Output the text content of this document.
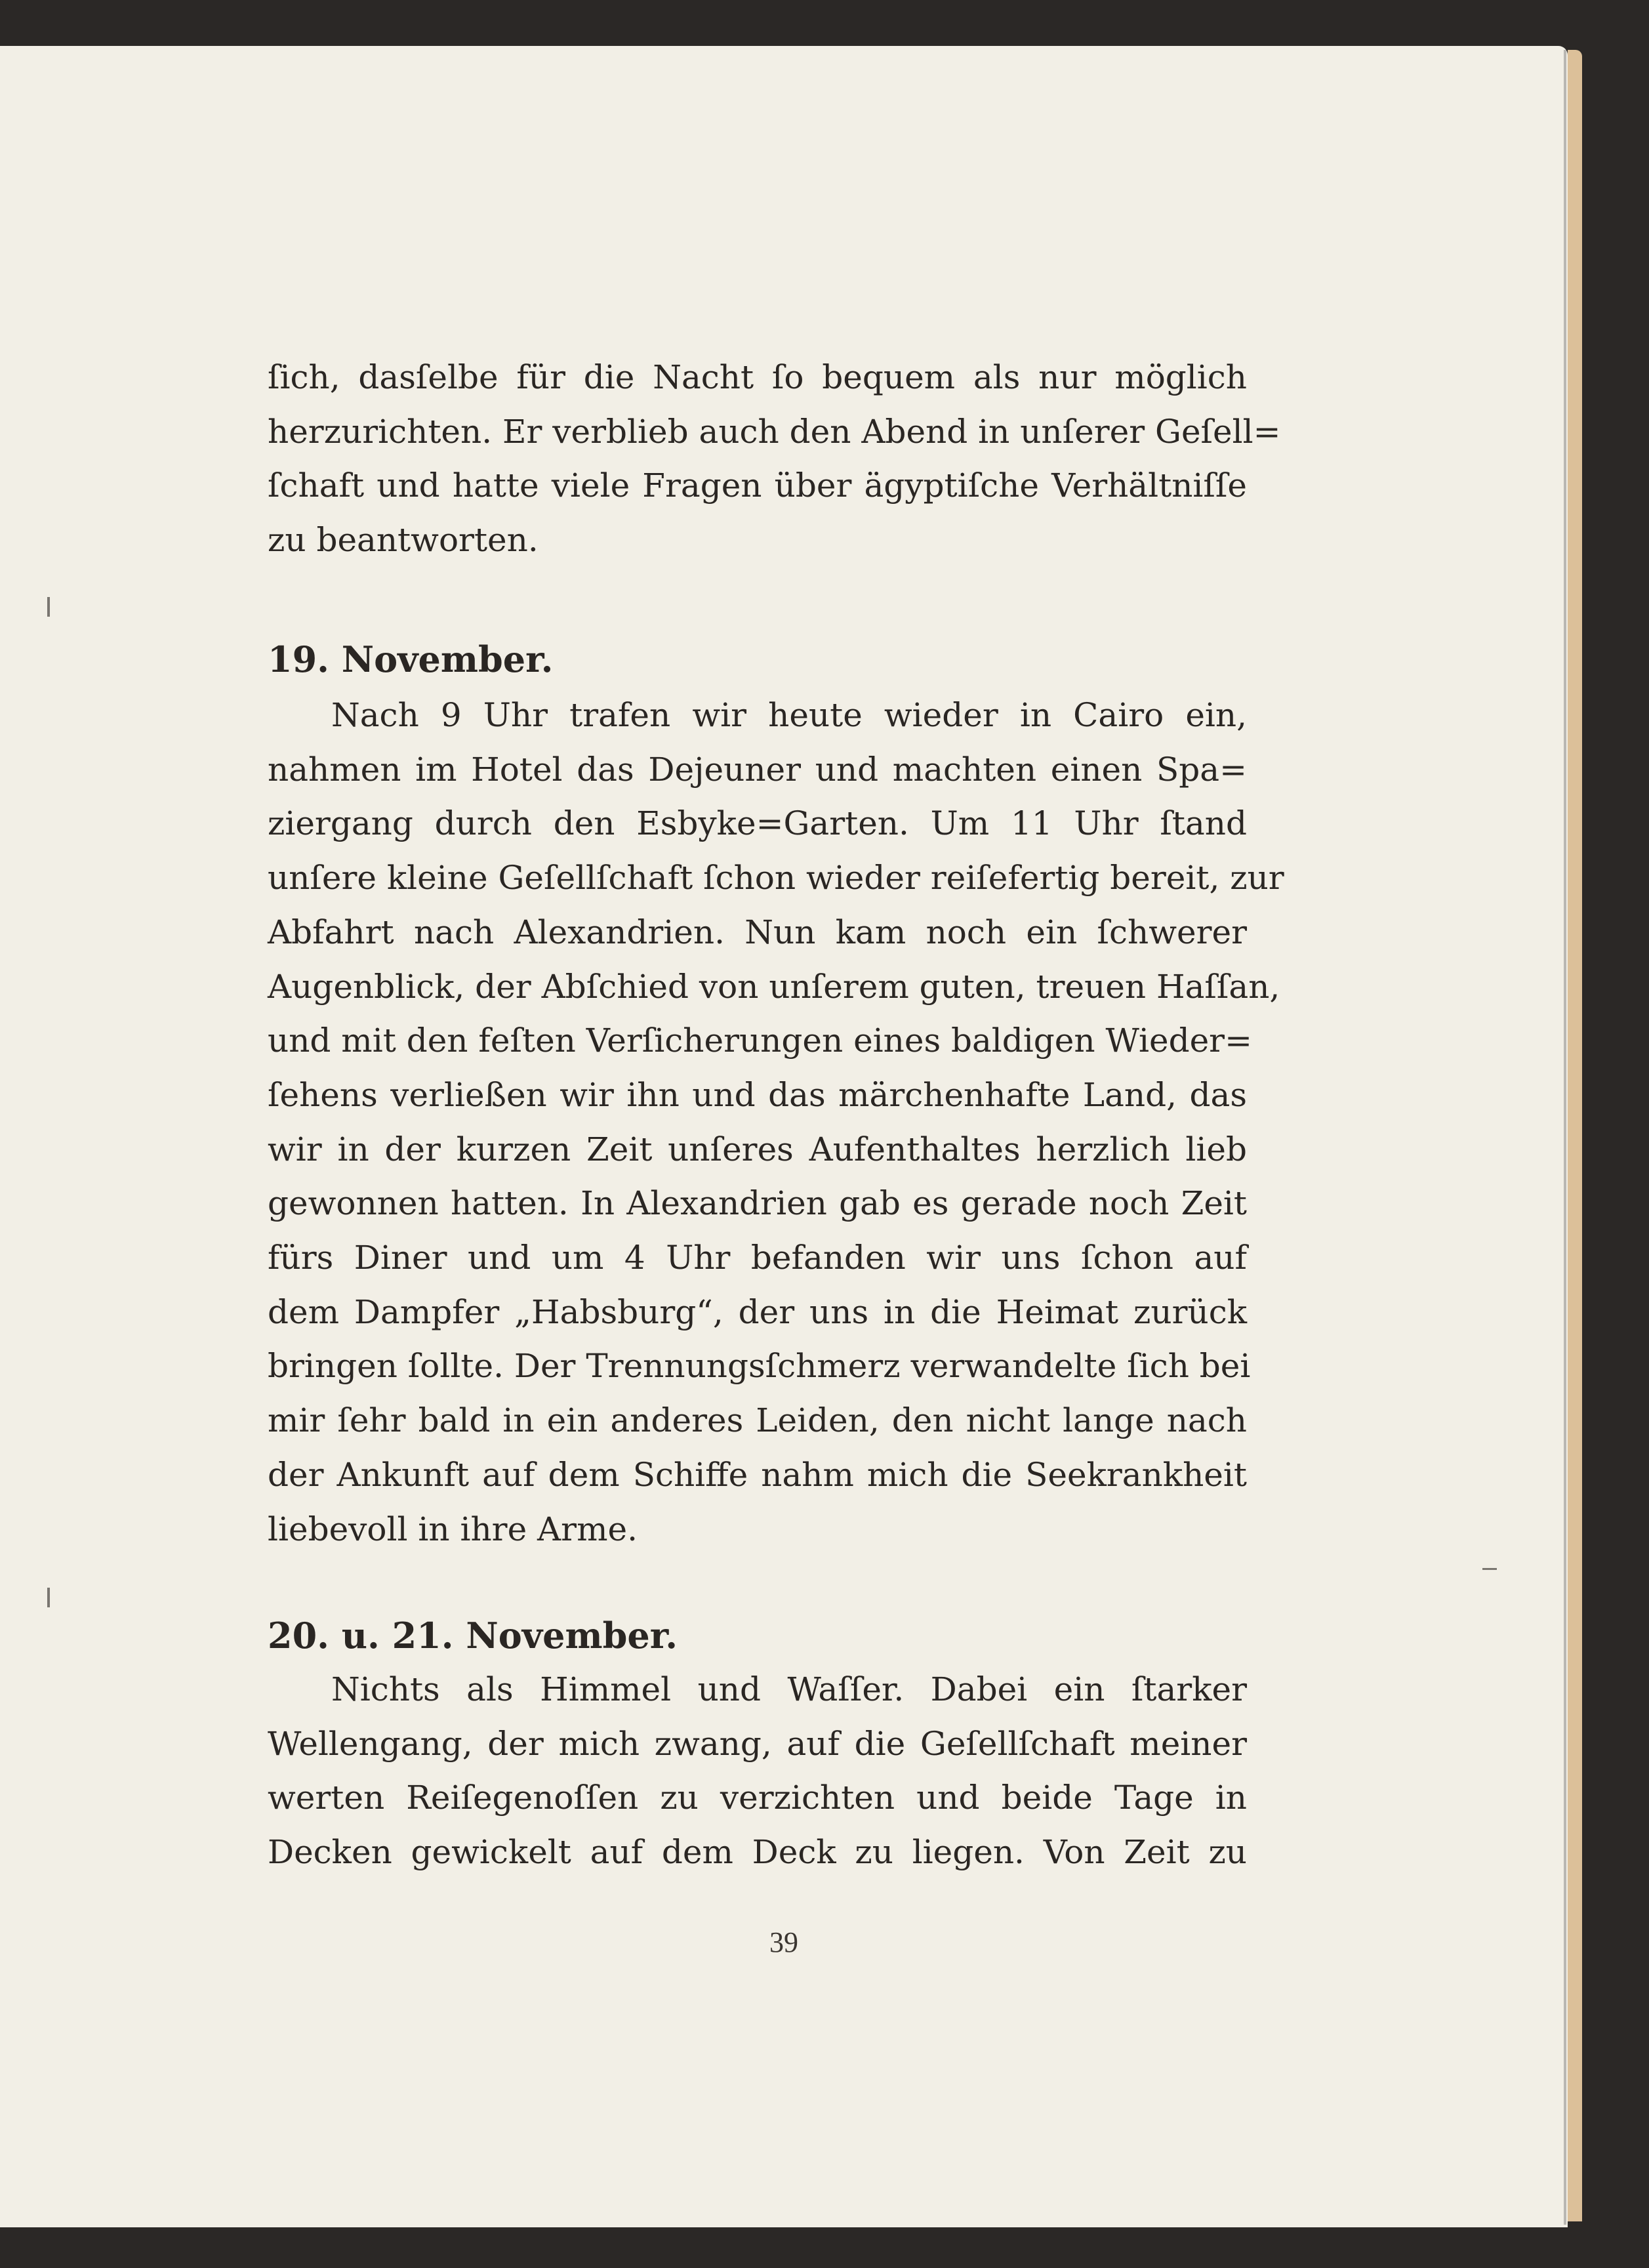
ſich, dasſelbe für die Nacht ſo bequem als nur möglich
herzurichten. Er verblieb auch den Abend in unſerer Geſell=
ſchaft und hatte viele Fragen über ägyptiſche Verhältniſſe
zu beantworten.
19. November.
Nach 9 Uhr trafen wir heute wieder in Cairo ein,
nahmen im Hotel das Dejeuner und machten einen Spa=
ziergang durch den Esbyke=Garten. Um 11 Uhr ſtand
unſere kleine Geſellſchaft ſchon wieder reiſefertig bereit, zur
Abfahrt nach Alexandrien. Nun kam noch ein ſchwerer
Augenblick, der Abſchied von unſerem guten, treuen Haſſan,
und mit den feſten Verſicherungen eines baldigen Wieder=
ſehens verließen wir ihn und das märchenhafte Land, das
wir in der kurzen Zeit unſeres Aufenthaltes herzlich lieb
gewonnen hatten. In Alexandrien gab es gerade noch Zeit
fürs Diner und um 4 Uhr befanden wir uns ſchon auf
dem Dampfer „Habsburg“, der uns in die Heimat zurück
bringen ſollte. Der Trennungsſchmerz verwandelte ſich bei
mir ſehr bald in ein anderes Leiden, den nicht lange nach
der Ankunft auf dem Schiffe nahm mich die Seekrankheit
liebevoll in ihre Arme.
20. u. 21. November.
Nichts als Himmel und Waſſer. Dabei ein ſtarker
Wellengang, der mich zwang, auf die Geſellſchaft meiner
werten Reiſegenoſſen zu verzichten und beide Tage in
Decken gewickelt auf dem Deck zu liegen. Von Zeit zu
39
